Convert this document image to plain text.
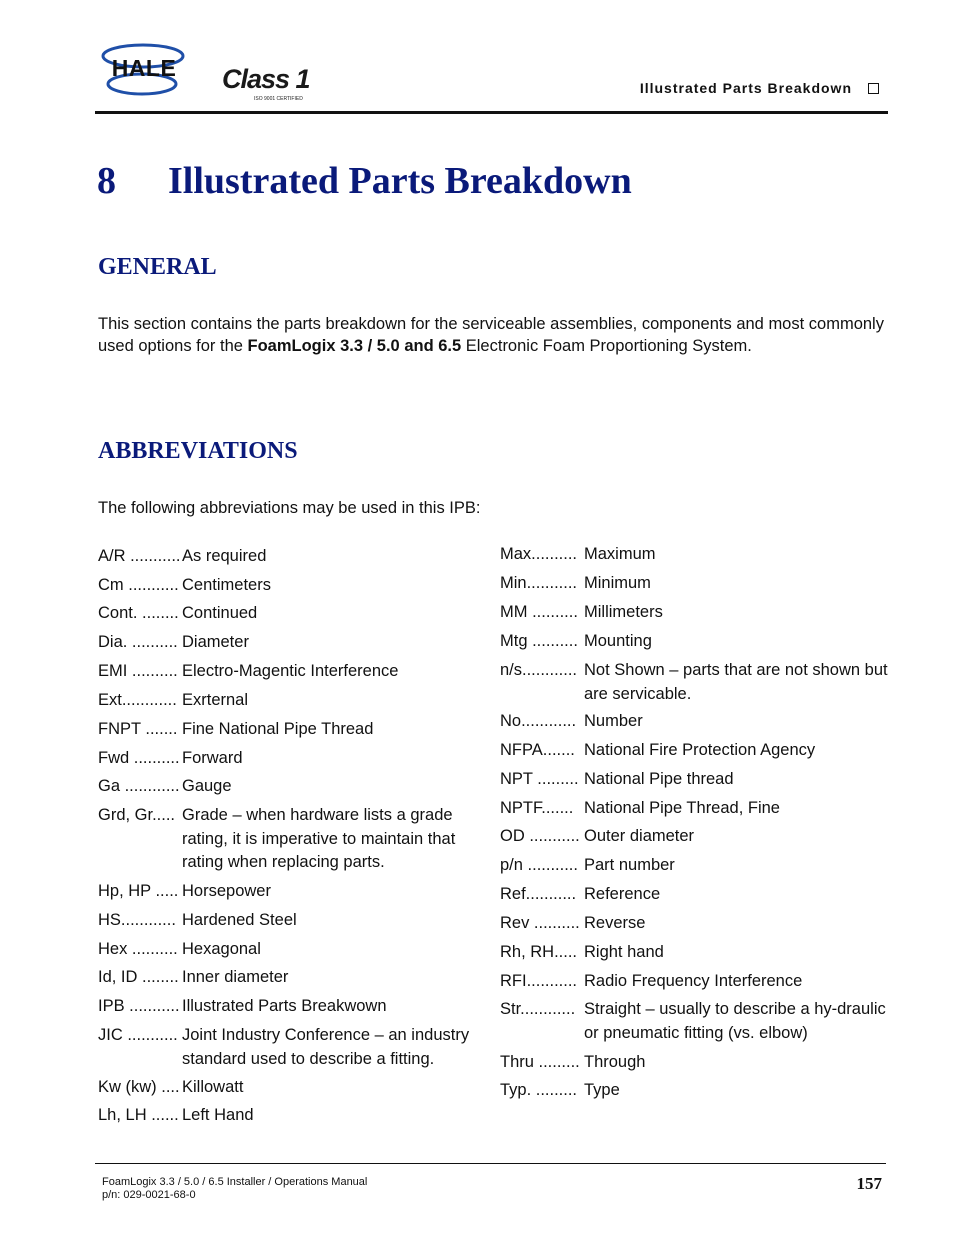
HALE Class 1
ISO 9001 CERTIFIED
Illustrated Parts Breakdown
8 Illustrated Parts Breakdown
GENERAL
This section contains the parts breakdown for the serviceable assemblies, components and most commonly used options for the FoamLogix 3.3 / 5.0 and 6.5 Electronic Foam Proportioning System.
ABBREVIATIONS
The following abbreviations may be used in this IPB:
A/R ........... As required
Cm ........... Centimeters
Cont. ........ Continued
Dia. .......... Diameter
EMI .......... Electro-Magentic Interference
Ext............ Exrternal
FNPT ....... Fine National Pipe Thread
Fwd .......... Forward
Ga ............ Gauge
Grd, Gr..... Grade – when hardware lists a grade rating, it is imperative to maintain that rating when replacing parts.
Hp, HP ..... Horsepower
HS............ Hardened Steel
Hex .......... Hexagonal
Id, ID ........ Inner diameter
IPB ........... Illustrated Parts Breakwown
JIC ........... Joint Industry Conference – an industry standard used to describe a fitting.
Kw (kw) .... Killowatt
Lh, LH ...... Left Hand
Max.......... Maximum
Min........... Minimum
MM .......... Millimeters
Mtg .......... Mounting
n/s............ Not Shown – parts that are not shown but are servicable.
No............ Number
NFPA....... National Fire Protection Agency
NPT ......... National Pipe thread
NPTF....... National Pipe Thread, Fine
OD ........... Outer diameter
p/n ........... Part number
Ref........... Reference
Rev .......... Reverse
Rh, RH..... Right hand
RFI........... Radio Frequency Interference
Str............ Straight – usually to describe a hy-draulic or pneumatic fitting (vs. elbow)
Thru ......... Through
Typ. ......... Type
FoamLogix 3.3 / 5.0 / 6.5 Installer / Operations Manual
p/n: 029-0021-68-0
157
